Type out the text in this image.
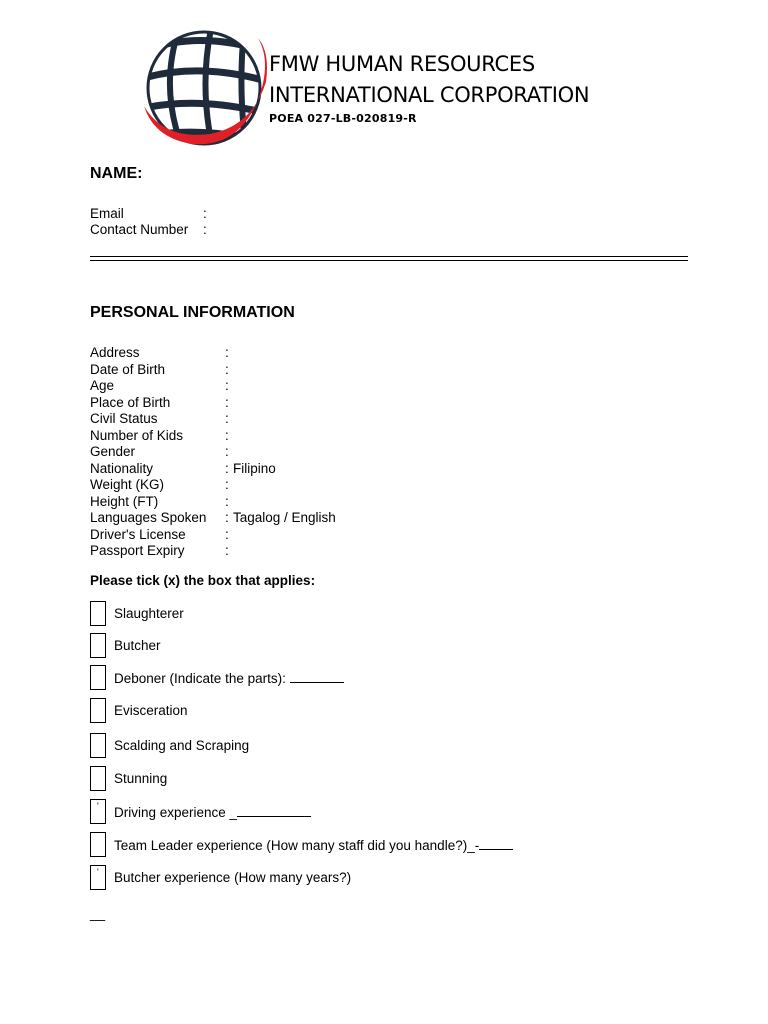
FMW HUMAN RESOURCES
INTERNATIONAL CORPORATION
POEA 027-LB-020819-R
NAME:
Email	:
Contact Number	:
PERSONAL INFORMATION
Address	:
Date of Birth	:
Age	:
Place of Birth	:
Civil Status	:
Number of Kids	:
Gender	:
Nationality	: Filipino
Weight (KG)	:
Height (FT)	:
Languages Spoken	: Tagalog / English
Driver's License	:
Passport Expiry	:
Please tick (x) the box that applies:
Slaughterer
Butcher
Deboner (Indicate the parts):
Evisceration
Scalding and Scraping
Stunning
' Driving experience _
Team Leader experience (How many staff did you handle?)_-
' Butcher experience (How many years?)
__
